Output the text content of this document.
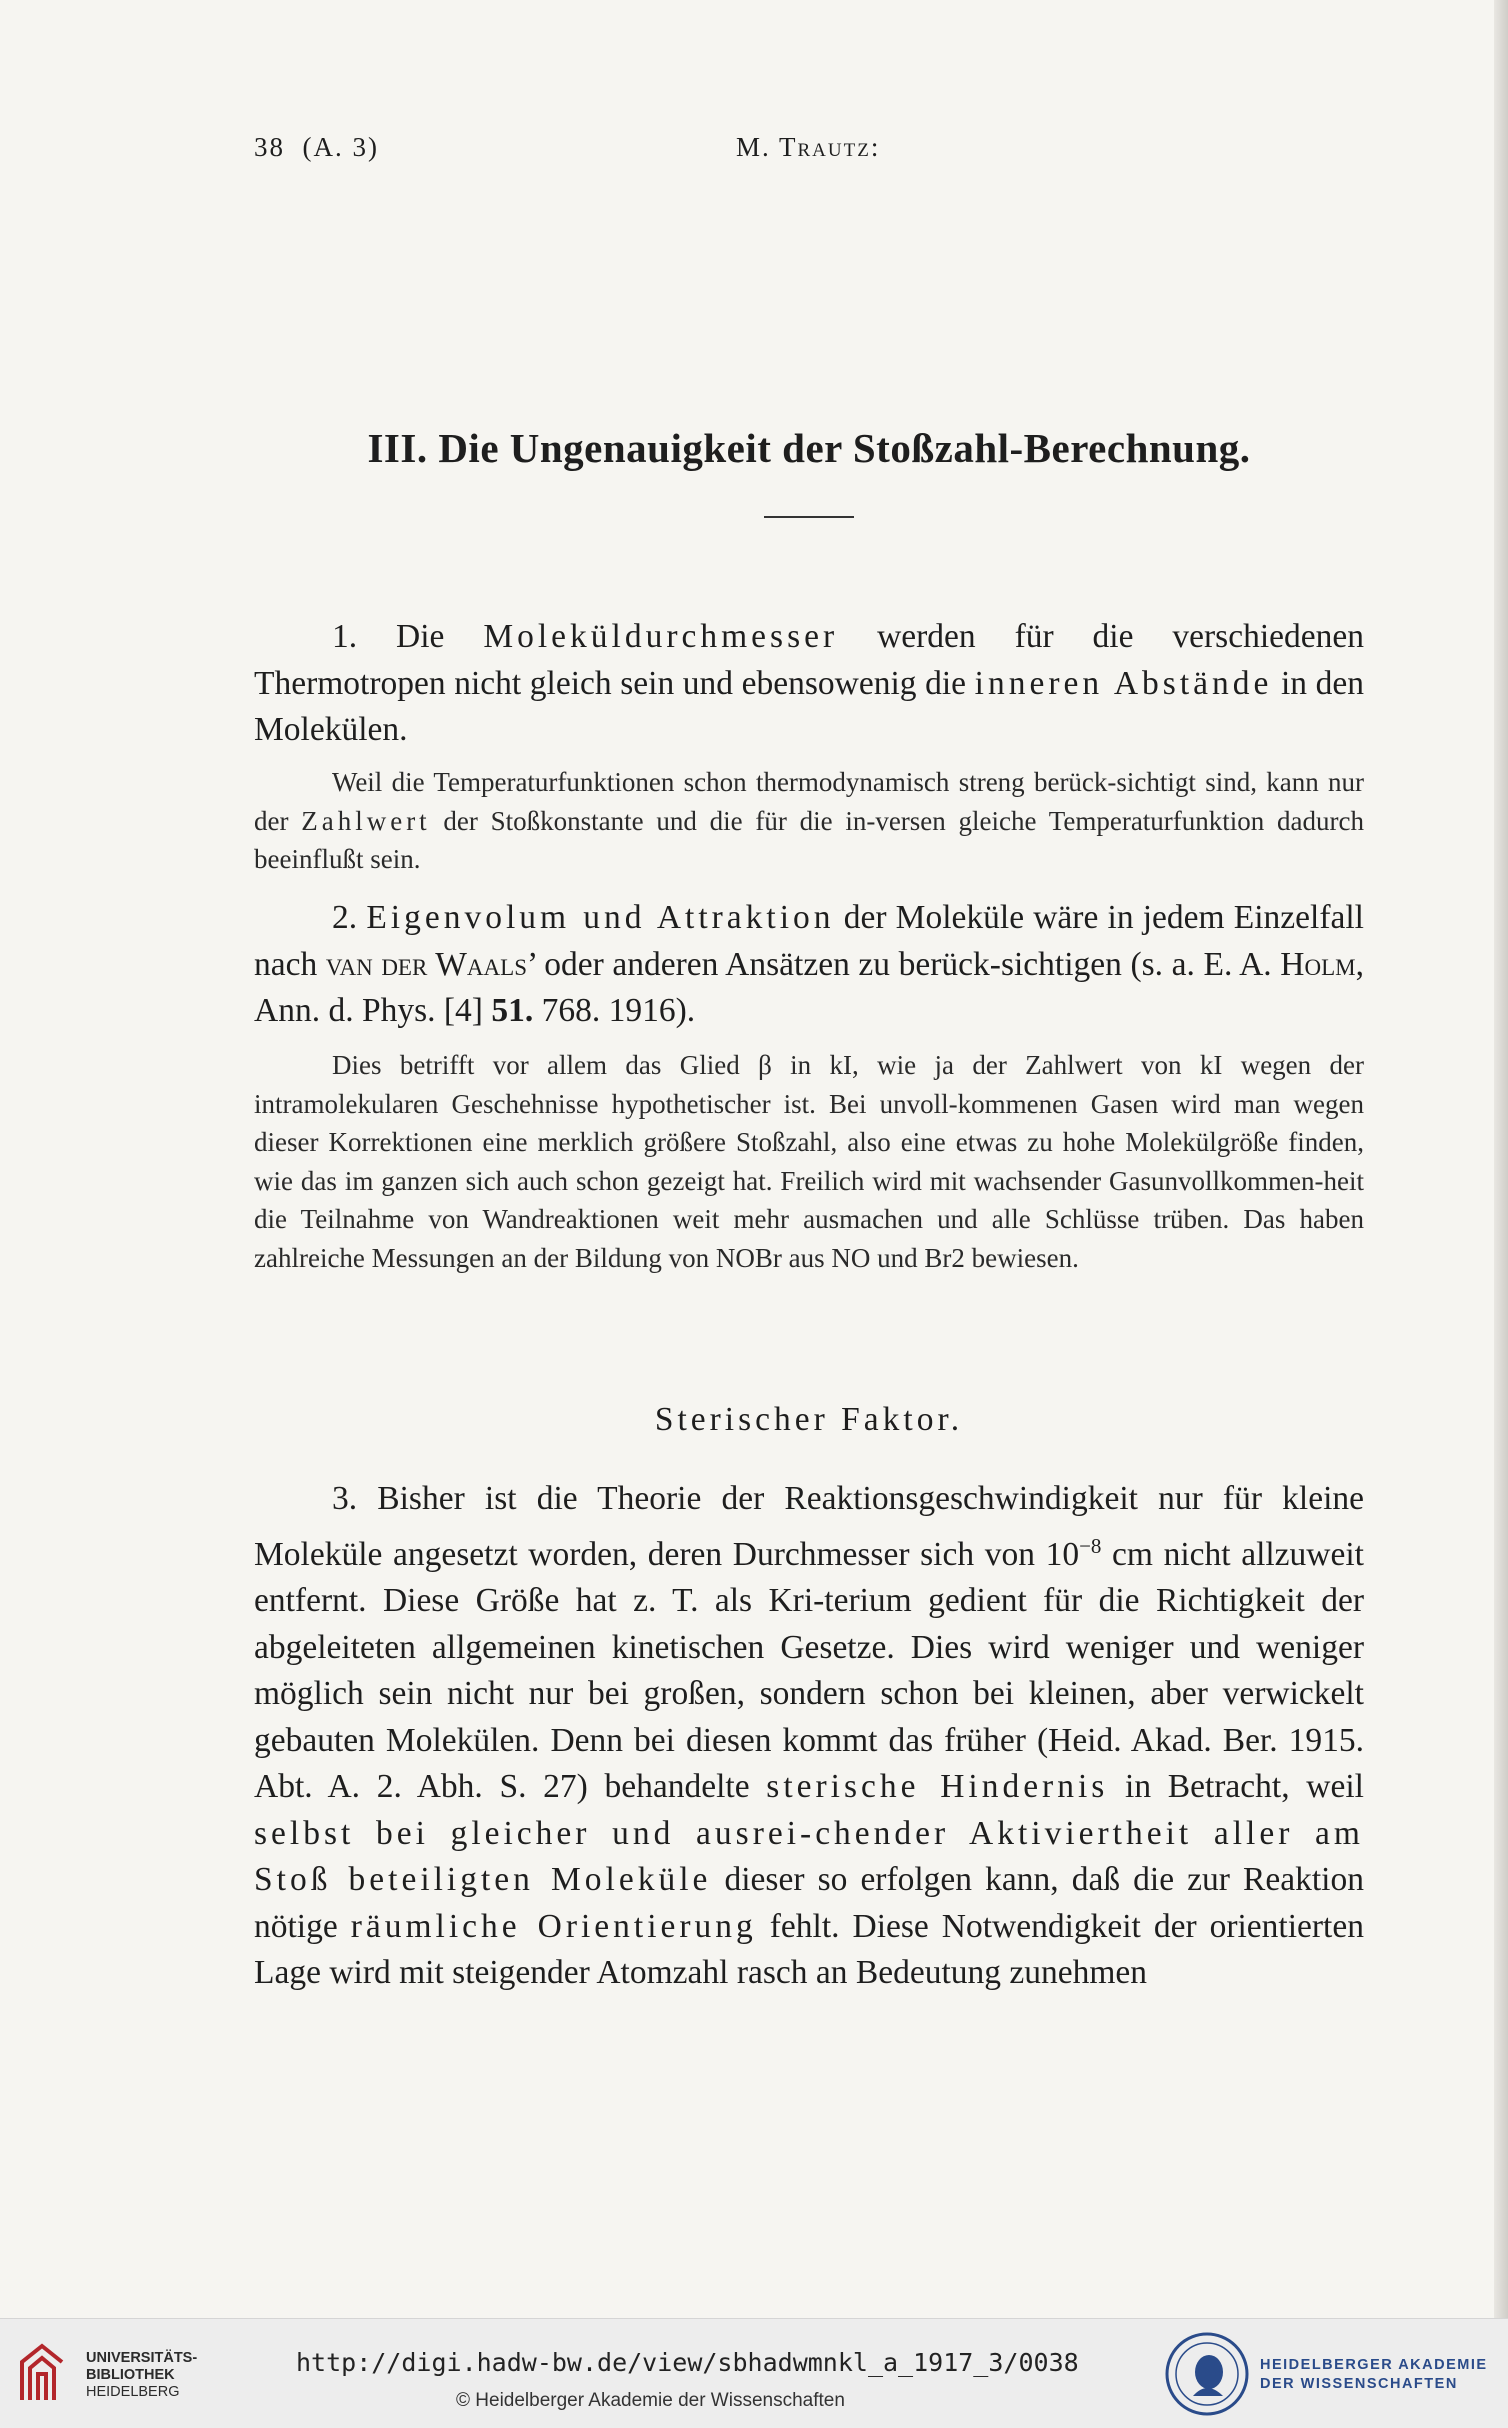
38 (A. 3)	M. Trautz:
III. Die Ungenauigkeit der Stoßzahl-Berechnung.

1. Die Moleküldurchmesser werden für die verschiedenen Thermotropen nicht gleich sein und ebensowenig die inneren Abstände in den Molekülen.

Weil die Temperaturfunktionen schon thermodynamisch streng berück-sichtigt sind, kann nur der Zahlwert der Stoßkonstante und die für die in-versen gleiche Temperaturfunktion dadurch beeinflußt sein.

2. Eigenvolum und Attraktion der Moleküle wäre in jedem Einzelfall nach van der Waals’ oder anderen Ansätzen zu berück-sichtigen (s. a. E. A. Holm, Ann. d. Phys. [4] 51. 768. 1916).

Dies betrifft vor allem das Glied β in kI, wie ja der Zahlwert von kI wegen der intramolekularen Geschehnisse hypothetischer ist. Bei unvoll-kommenen Gasen wird man wegen dieser Korrektionen eine merklich größere Stoßzahl, also eine etwas zu hohe Molekülgröße finden, wie das im ganzen sich auch schon gezeigt hat. Freilich wird mit wachsender Gasunvollkommen-heit die Teilnahme von Wandreaktionen weit mehr ausmachen und alle Schlüsse trüben. Das haben zahlreiche Messungen an der Bildung von NOBr aus NO und Br2 bewiesen.

Sterischer Faktor.

3. Bisher ist die Theorie der Reaktionsgeschwindigkeit nur für kleine Moleküle angesetzt worden, deren Durchmesser sich von $10^{-8}$ cm nicht allzuweit entfernt. Diese Größe hat z. T. als Kri-terium gedient für die Richtigkeit der abgeleiteten allgemeinen kinetischen Gesetze. Dies wird weniger und weniger möglich sein nicht nur bei großen, sondern schon bei kleinen, aber verwickelt gebauten Molekülen. Denn bei diesen kommt das früher (Heid. Akad. Ber. 1915. Abt. A. 2. Abh. S. 27) behandelte sterische Hindernis in Betracht, weil selbst bei gleicher und ausrei-chender Aktiviertheit aller am Stoß beteiligten Moleküle dieser so erfolgen kann, daß die zur Reaktion nötige räumliche Orientierung fehlt. Diese Notwendigkeit der orientierten Lage wird mit steigender Atomzahl rasch an Bedeutung zunehmen

UNIVERSITÄTS-
BIBLIOTHEK
HEIDELBERG
http://digi.hadw-bw.de/view/sbhadwmnkl_a_1917_3/0038
© Heidelberger Akademie der Wissenschaften
HEIDELBERGER AKADEMIE
DER WISSENSCHAFTEN
